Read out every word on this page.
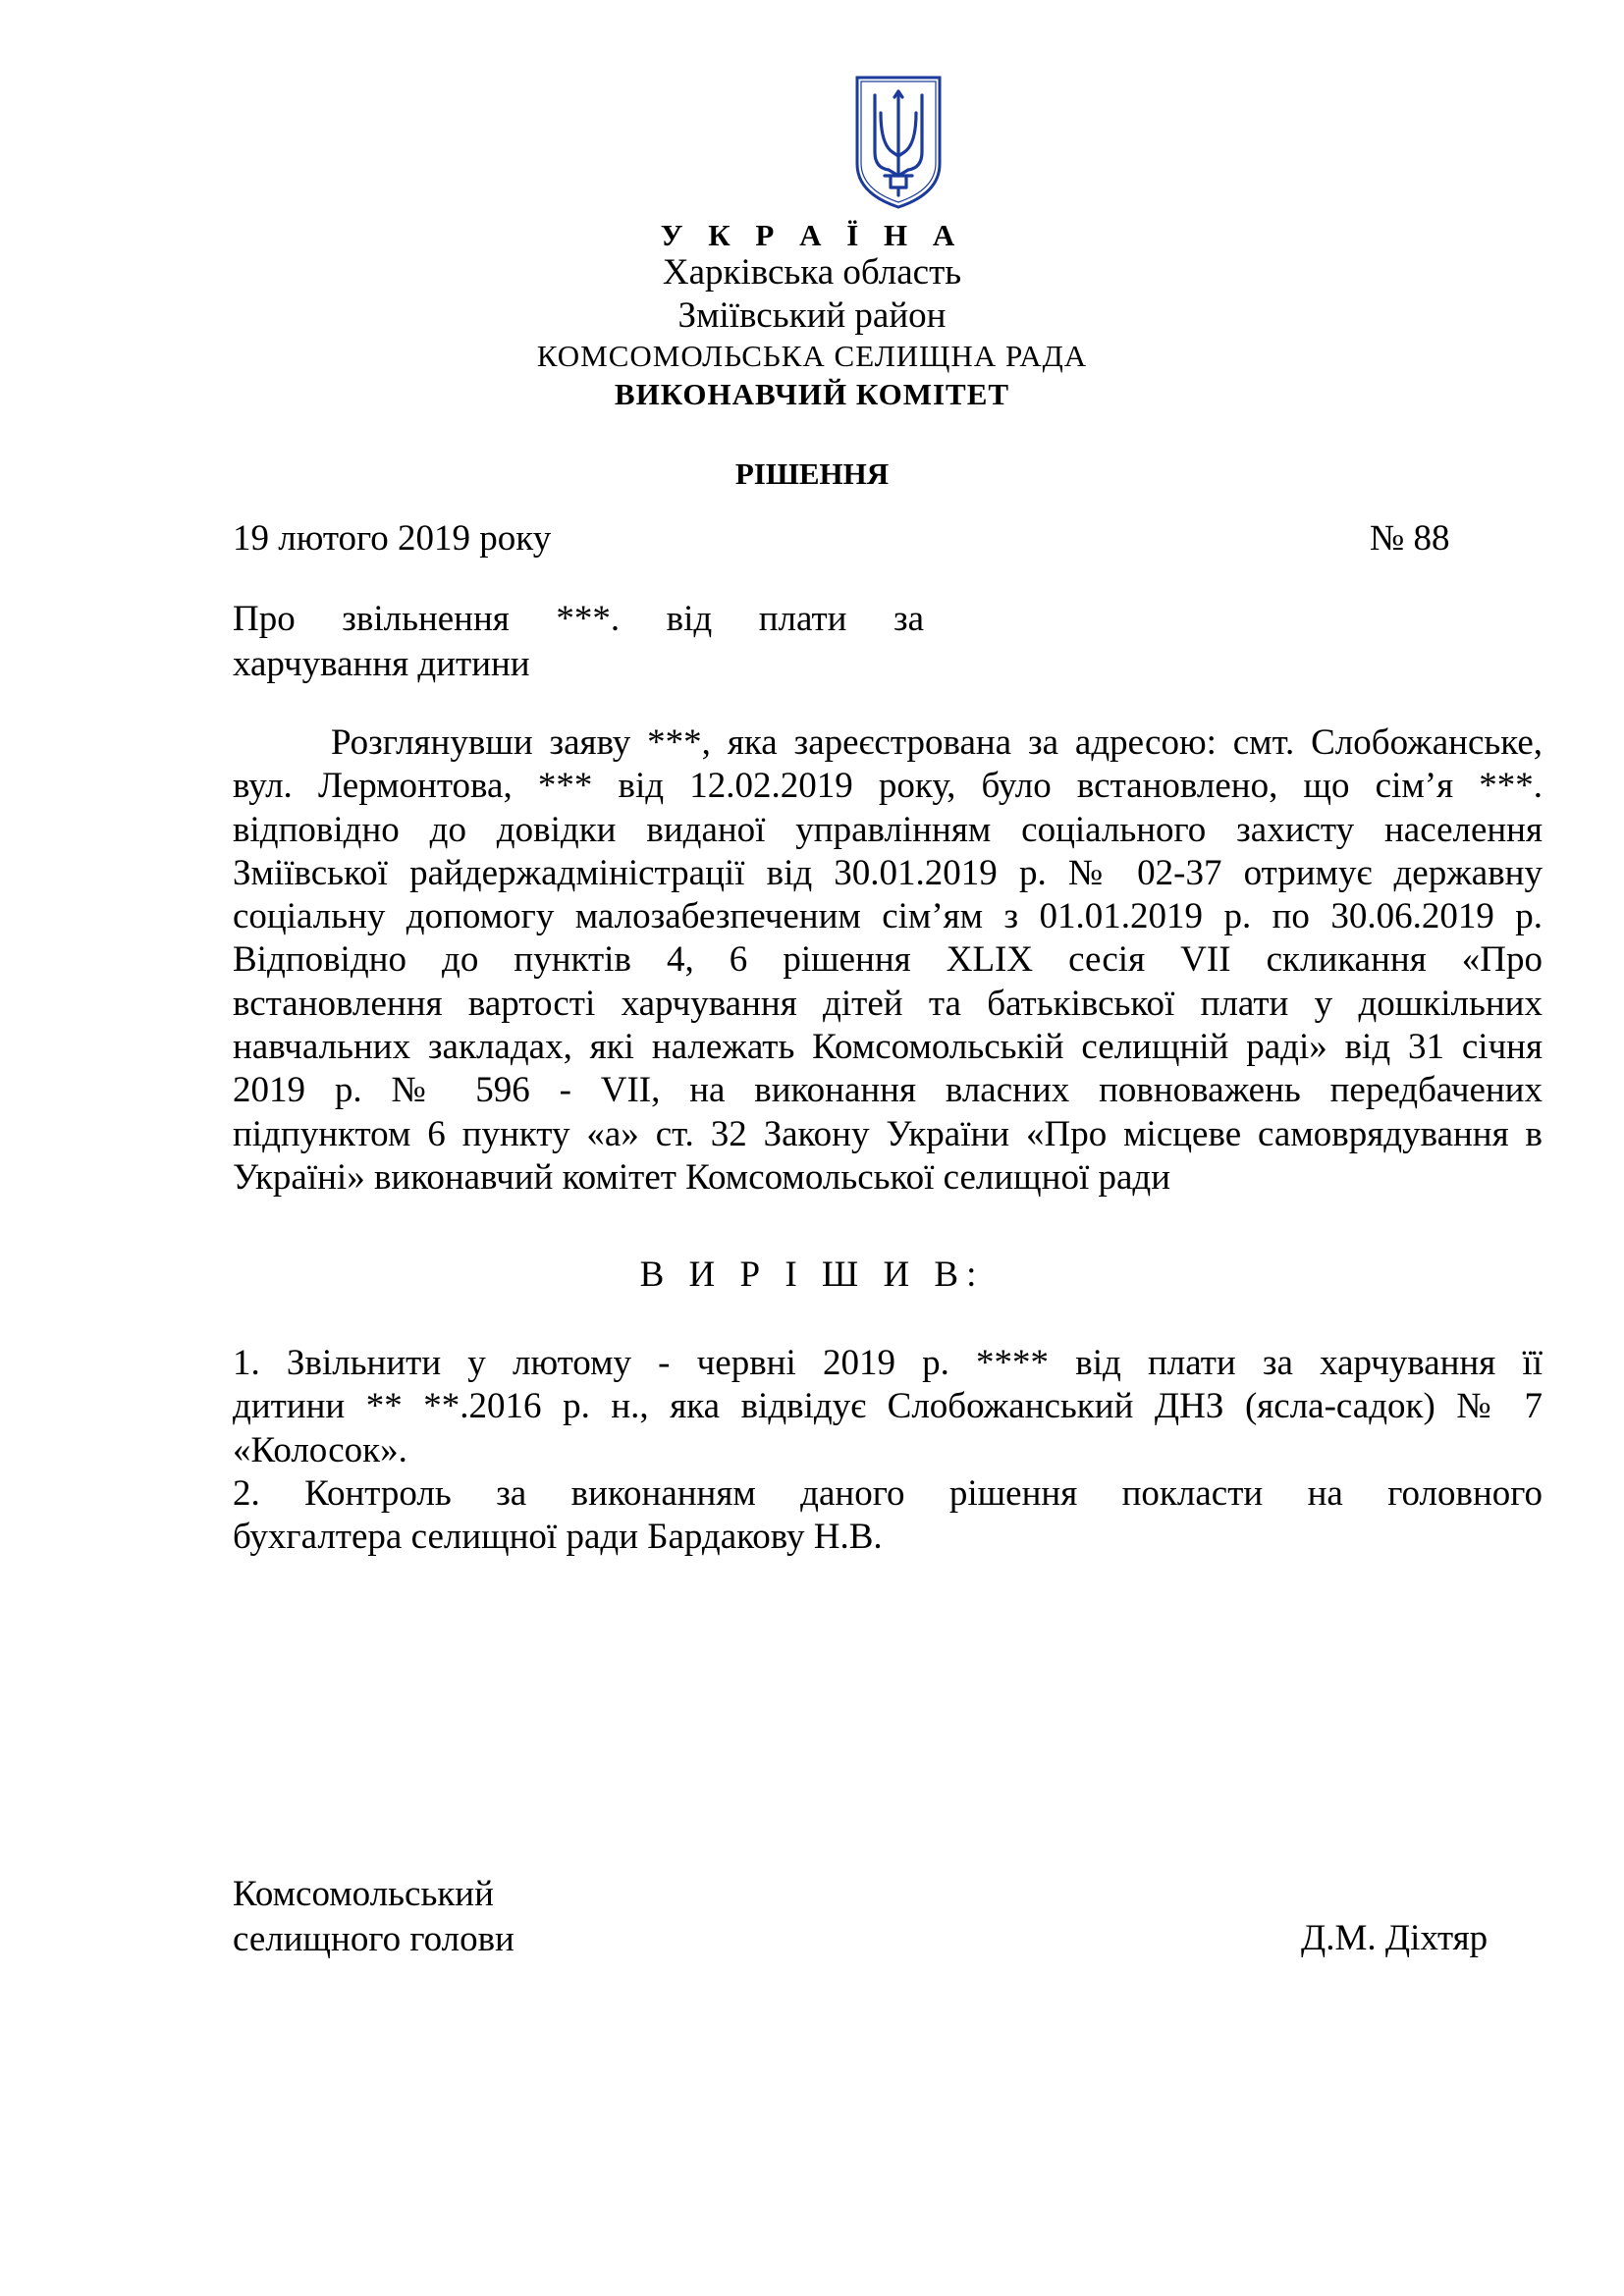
У К Р А Ї Н А
Харківська область
Зміївський район
КОМСОМОЛЬСЬКА СЕЛИЩНА РАДА
ВИКОНАВЧИЙ КОМІТЕТ
РІШЕННЯ
19 лютого 2019 року	№ 88
Про звільнення ***. від плати за
харчування дитини
Розглянувши заяву ***, яка зареєстрована за адресою: смт. Слобожанське,
вул. Лермонтова, *** від 12.02.2019 року, було встановлено, що сім’я ***.
відповідно до довідки виданої управлінням соціального захисту населення
Зміївської райдержадміністрації від 30.01.2019 р. № 02-37 отримує державну
соціальну допомогу малозабезпеченим сім’ям з 01.01.2019 р. по 30.06.2019 р.
Відповідно до пунктів 4, 6 рішення XLIX сесія VII скликання «Про
встановлення вартості харчування дітей та батьківської плати у дошкільних
навчальних закладах, які належать Комсомольській селищній раді» від 31 січня
2019 р. № 596 - VII, на виконання власних повноважень передбачених
підпунктом 6 пункту «а» ст. 32 Закону України «Про місцеве самоврядування в
Україні» виконавчий комітет Комсомольської селищної ради
В И Р І Ш И В:
1. Звільнити у лютому - червні 2019 р. **** від плати за харчування її
дитини ** **.2016 р. н., яка відвідує Слобожанський ДНЗ (ясла-садок) № 7
«Колосок».
2. Контроль за виконанням даного рішення покласти на головного
бухгалтера селищної ради Бардакову Н.В.
Комсомольський
селищного голови	Д.М. Діхтяр
